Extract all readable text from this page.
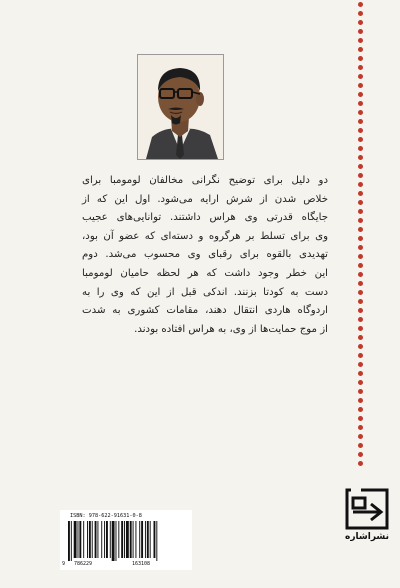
دو دلیل برای توضیح نگرانی مخالفان لومومبا برای
خلاص شدن از شرش ارایه می‌شود. اول این که از
جایگاه قدرتی وی هراس داشتند. توانایی‌های عجیب
وی برای تسلط بر هرگروه و دسته‌ای که عضو آن بود،
تهدیدی بالقوه برای رقبای وی محسوب می‌شد. دوم
این خطر وجود داشت که هر لحظه حامیان لومومبا
دست به کودتا بزنند. اندکی قبل از این که وی را به
اردوگاه هاردی انتقال دهند، مقامات کشوری به شدت
از موج حمایت‌ها از وی، به هراس افتاده بودند.
نشراشاره
ISBN: 978-622-91631-0-8
9 786229	163108
